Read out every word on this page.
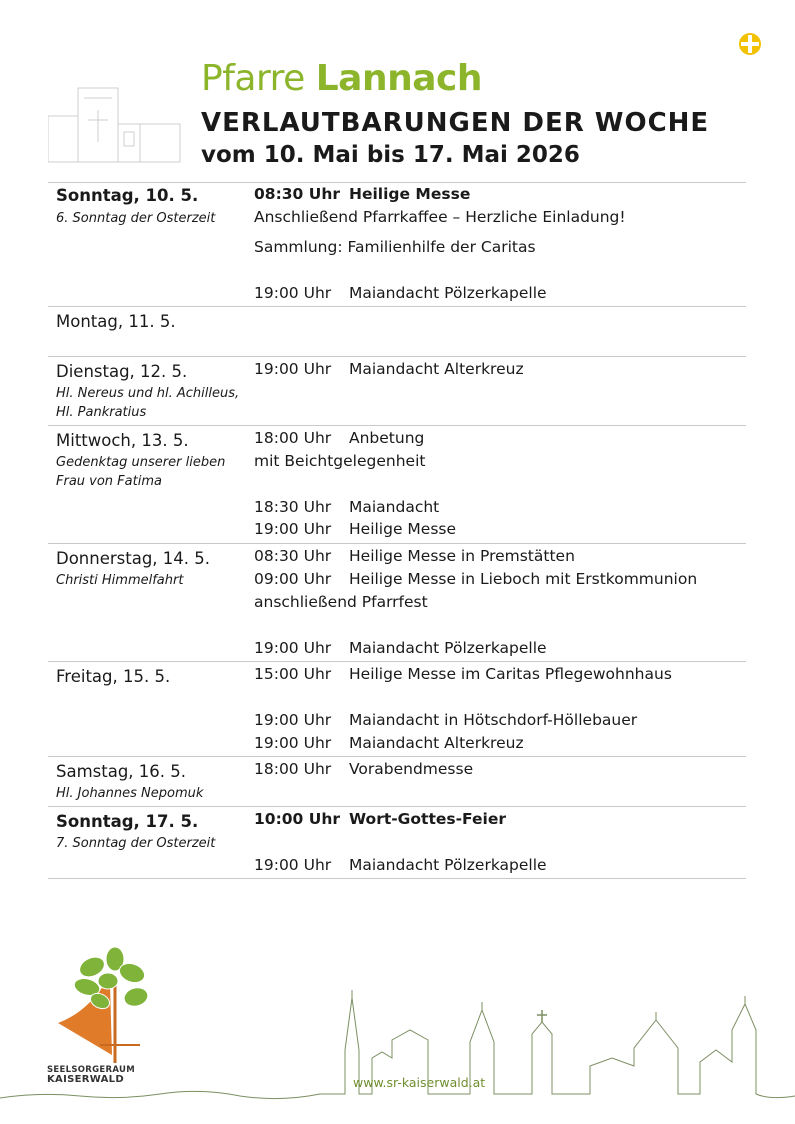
Pfarre Lannach
VERLAUTBARUNGEN DER WOCHE
vom 10. Mai bis 17. Mai 2026
Sonntag, 10. 5.
6. Sonntag der Osterzeit
08:30 Uhr Heilige Messe
Anschließend Pfarrkaffee – Herzliche Einladung!
Sammlung: Familienhilfe der Caritas
19:00 Uhr Maiandacht Pölzerkapelle
Montag, 11. 5.
Dienstag, 12. 5.
Hl. Nereus und hl. Achilleus, Hl. Pankratius
19:00 Uhr Maiandacht Alterkreuz
Mittwoch, 13. 5.
Gedenktag unserer lieben Frau von Fatima
18:00 Uhr Anbetung
mit Beichtgelegenheit
18:30 Uhr Maiandacht
19:00 Uhr Heilige Messe
Donnerstag, 14. 5.
Christi Himmelfahrt
08:30 Uhr Heilige Messe in Premstätten
09:00 Uhr Heilige Messe in Lieboch mit Erstkommunion
anschließend Pfarrfest
19:00 Uhr Maiandacht Pölzerkapelle
Freitag, 15. 5.	15:00 Uhr Heilige Messe im Caritas Pflegewohnhaus
19:00 Uhr Maiandacht in Hötschdorf-Höllebauer
19:00 Uhr Maiandacht Alterkreuz
Samstag, 16. 5.
Hl. Johannes Nepomuk
18:00 Uhr Vorabendmesse
Sonntag, 17. 5.
7. Sonntag der Osterzeit
10:00 Uhr Wort-Gottes-Feier
19:00 Uhr Maiandacht Pölzerkapelle
SEELSORGERAUM
KAISERWALD	www.sr-kaiserwald.at
